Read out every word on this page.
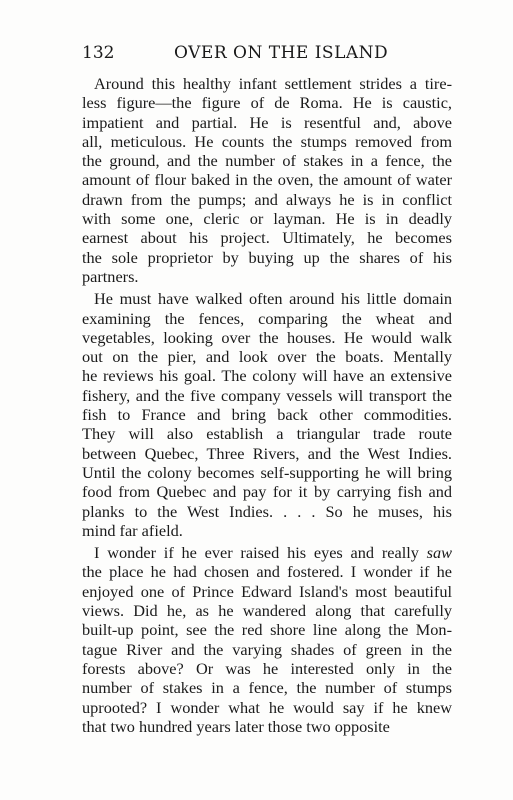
132	OVER ON THE ISLAND
Around this healthy infant settlement strides a tire-
less figure—the figure of de Roma. He is caustic,
impatient and partial. He is resentful and, above
all, meticulous. He counts the stumps removed from
the ground, and the number of stakes in a fence, the
amount of flour baked in the oven, the amount of water
drawn from the pumps; and always he is in conflict
with some one, cleric or layman. He is in deadly
earnest about his project. Ultimately, he becomes
the sole proprietor by buying up the shares of his
partners.
He must have walked often around his little domain
examining the fences, comparing the wheat and
vegetables, looking over the houses. He would walk
out on the pier, and look over the boats. Mentally
he reviews his goal. The colony will have an extensive
fishery, and the five company vessels will transport the
fish to France and bring back other commodities.
They will also establish a triangular trade route
between Quebec, Three Rivers, and the West Indies.
Until the colony becomes self-supporting he will bring
food from Quebec and pay for it by carrying fish and
planks to the West Indies. . . . So he muses, his
mind far afield.
I wonder if he ever raised his eyes and really saw
the place he had chosen and fostered. I wonder if he
enjoyed one of Prince Edward Island's most beautiful
views. Did he, as he wandered along that carefully
built-up point, see the red shore line along the Mon-
tague River and the varying shades of green in the
forests above? Or was he interested only in the
number of stakes in a fence, the number of stumps
uprooted? I wonder what he would say if he knew
that two hundred years later those two opposite
